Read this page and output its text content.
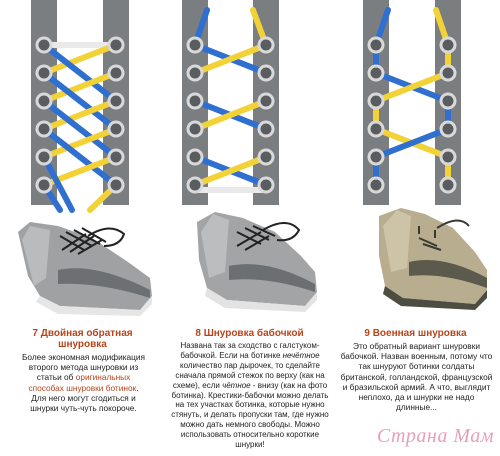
7 Двойная обратная
шнуровка
Более экономная модификация
второго метода шнуровки из
статьи об оригинальных
способах шнуровки ботинок.
Для него могут сгодиться и
шнурки чуть-чуть покороче.
8 Шнуровка бабочкой
Названа так за сходство с галстуком-
бабочкой. Если на ботинке нечётное
количество пар дырочек, то сделайте
сначала прямой стежок по верху (как на
схеме), если чётное - внизу (как на фото
ботинка). Крестики-бабочки можно делать
на тех участках ботинка, которые нужно
стянуть, и делать пропуски там, где нужно
можно дать немного свободы. Можно
использовать относительно короткие
шнурки!
9 Военная шнуровка
Это обратный вариант шнуровки
бабочкой. Назван военным, потому что
так шнуруют ботинки солдаты
британской, голландской, французской
и бразильской армий. А что, выглядит
неплохо, да и шнурки не надо
длинные...
Страна Мам
